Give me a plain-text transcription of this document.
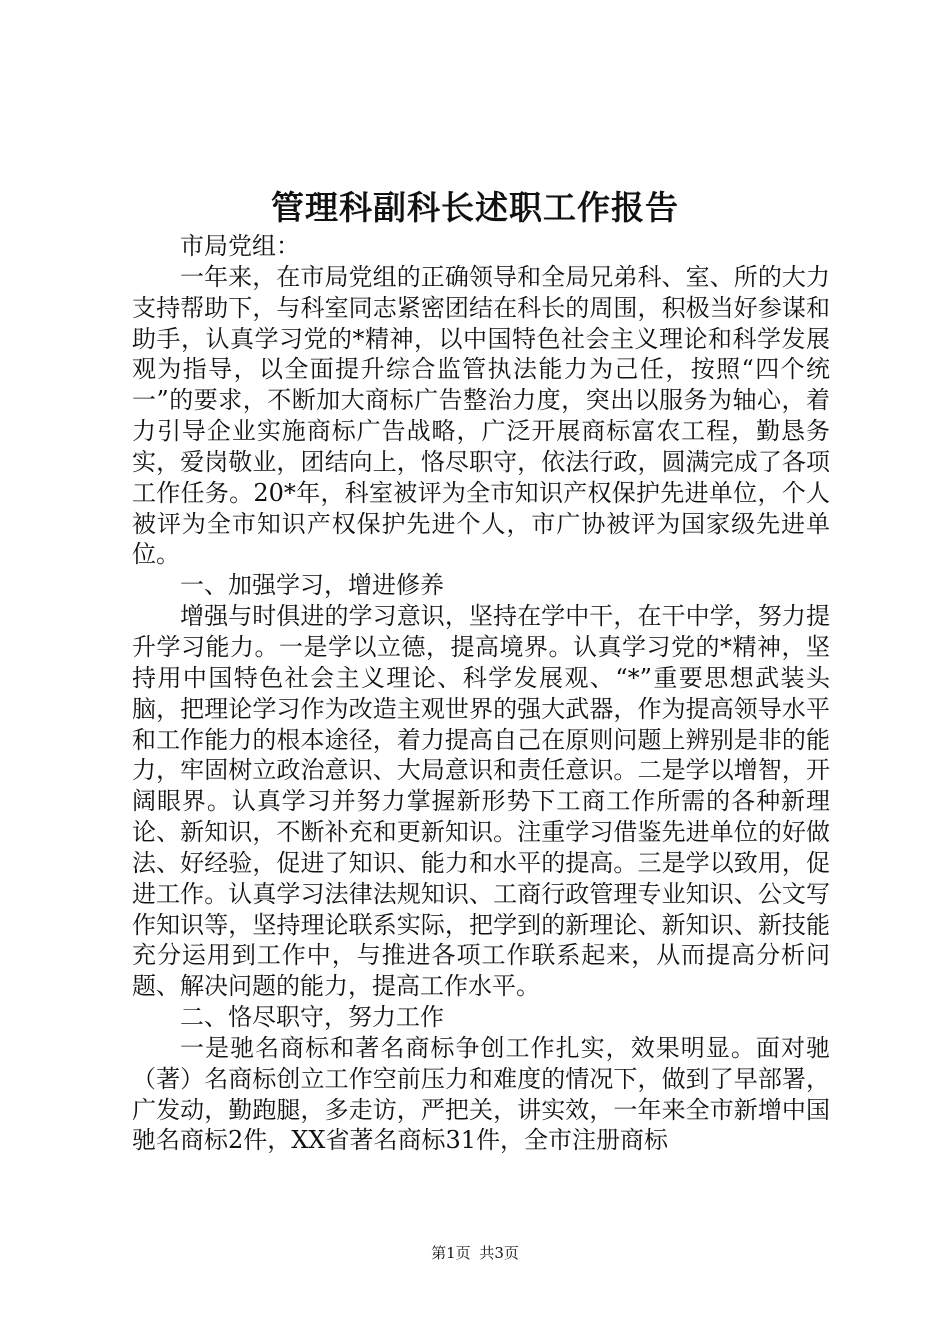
管理科副科长述职工作报告

市局党组：

一年来，在市局党组的正确领导和全局兄弟科、室、所的大力支持帮助下，与科室同志紧密团结在科长的周围，积极当好参谋和助手，认真学习党的*精神，以中国特色社会主义理论和科学发展观为指导，以全面提升综合监管执法能力为己任，按照“四个统一”的要求，不断加大商标广告整治力度，突出以服务为轴心，着力引导企业实施商标广告战略，广泛开展商标富农工程，勤恳务实，爱岗敬业，团结向上，恪尽职守，依法行政，圆满完成了各项工作任务。20*年，科室被评为全市知识产权保护先进单位，个人被评为全市知识产权保护先进个人，市广协被评为国家级先进单位。

一、加强学习，增进修养

增强与时俱进的学习意识，坚持在学中干，在干中学，努力提升学习能力。一是学以立德，提高境界。认真学习党的*精神，坚持用中国特色社会主义理论、科学发展观、“*”重要思想武装头脑，把理论学习作为改造主观世界的强大武器，作为提高领导水平和工作能力的根本途径，着力提高自己在原则问题上辨别是非的能力，牢固树立政治意识、大局意识和责任意识。二是学以增智，开阔眼界。认真学习并努力掌握新形势下工商工作所需的各种新理论、新知识，不断补充和更新知识。注重学习借鉴先进单位的好做法、好经验，促进了知识、能力和水平的提高。三是学以致用，促进工作。认真学习法律法规知识、工商行政管理专业知识、公文写作知识等，坚持理论联系实际，把学到的新理论、新知识、新技能充分运用到工作中，与推进各项工作联系起来，从而提高分析问题、解决问题的能力，提高工作水平。

二、恪尽职守，努力工作

一是驰名商标和著名商标争创工作扎实，效果明显。面对驰（著）名商标创立工作空前压力和难度的情况下，做到了早部署，广发动，勤跑腿，多走访，严把关，讲实效，一年来全市新增中国驰名商标2件，XX省著名商标31件，全市注册商标

第1页 共3页
